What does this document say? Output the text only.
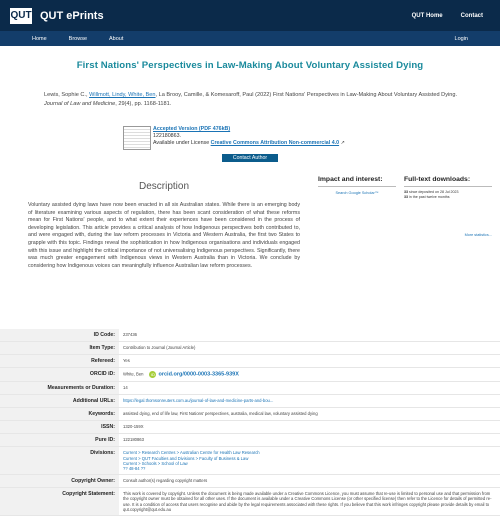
QUT QUT ePrints	QUT Home	Contact
Home	Browse	About	Login
First Nations' Perspectives in Law-Making About Voluntary Assisted Dying

Lewis, Sophie C., Willmott, Lindy, White, Ben, La Brooy, Camille, & Komesaroff, Paul (2022) First Nations' Perspectives in Law-Making About Voluntary Assisted Dying. Journal of Law and Medicine, 29(4), pp. 1168-1181.

Accepted Version (PDF 476kB)
122180863.
Available under License Creative Commons Attribution Non-commercial 4.0 ↗
Contact Author
Description

Voluntary assisted dying laws have now been enacted in all six Australian states. While there is an emerging body of literature examining various aspects of regulation, there has been scant consideration of what these reforms mean for First Nations' people, and to what extent their experiences have been considered in the process of developing legislation. This article provides a critical analysis of how Indigenous perspectives both contributed to, and were engaged with, during the law reform processes in Victoria and Western Australia, the first two States to grapple with this topic. Findings reveal the sophistication in how Indigenous organisations and individuals engaged with this issue and highlight the critical importance of not universalising Indigenous perspectives. Significantly, there was much greater engagement with Indigenous views in Western Australia than in Victoria. We conclude by considering how Indigenous voices can meaningfully influence Australian law reform processes.

Impact and interest:
Search Google Scholar™
Full-text downloads:
33 since deposited on 28 Jul 2023
33 in the past twelve months
More statistics...
ID Code:	237436
Item Type:	Contribution to Journal (Journal Article)
Refereed:	Yes
ORCID iD:	White, Ben iD orcid.org/0000-0003-3365-939X
Measurements or Duration:	14
Additional URLs:	https://legal.thomsonreuters.com.au/journal-of-law-and-medicine-parts-and-bou...
Keywords:	assisted dying, end of life law, First Nations' perspectives, australia, medical law, voluntary assisted dying
ISSN:	1320-159X
Pure ID:	122180863
Divisions:	Current > Research Centres > Australian Centre for Health Law Research
Current > QUT Faculties and Divisions > Faculty of Business & Law
Current > Schools > School of Law
?? 48-84 ??
Copyright Owner:	Consult author(s) regarding copyright matters
Copyright Statement:	This work is covered by copyright. Unless the document is being made available under a Creative Commons Licence, you must assume that re-use is limited to personal use and that permission from the copyright owner must be obtained for all other uses. If the document is available under a Creative Commons License (or other specified license) then refer to the Licence for details of permitted re-use. It is a condition of access that users recognise and abide by the legal requirements associated with these rights. If you believe that this work infringes copyright please provide details by email to qut.copyright@qut.edu.au
